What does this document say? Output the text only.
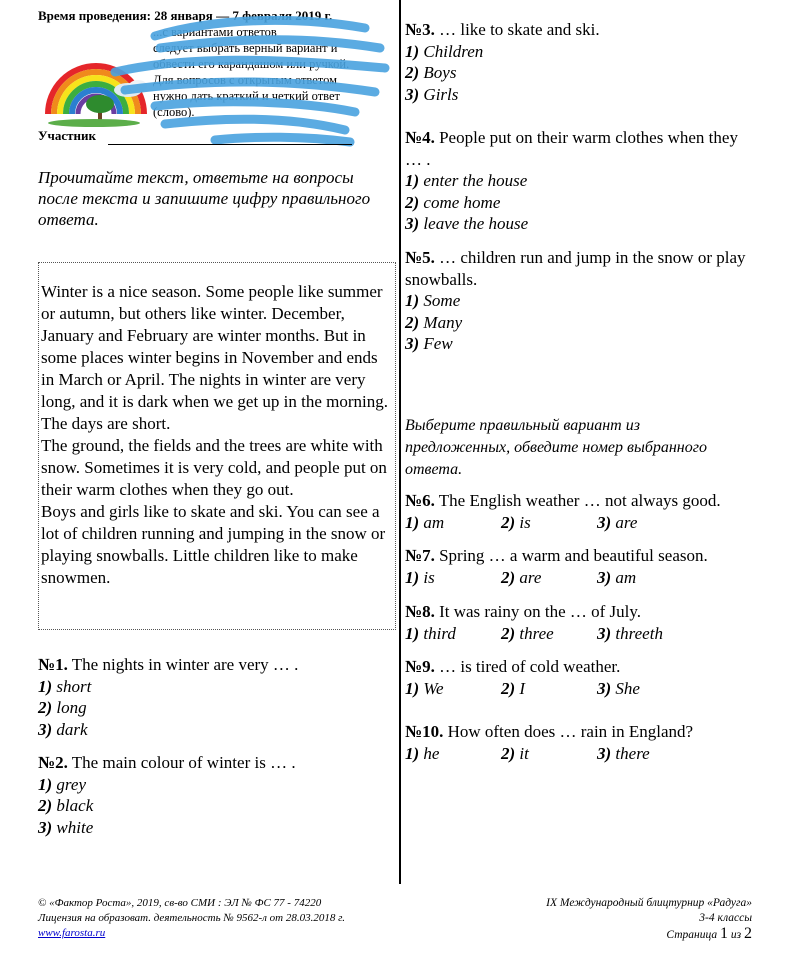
Время проведения: 28 января — 7 февраля 2019 г.
...с вариантами ответов
следует выбрать верный вариант и
обвести его карандашом или ручкой.
Для вопросов с открытым ответом
нужно дать краткий и четкий ответ
(слово).
Участник
Прочитайте текст, ответьте на вопросы после текста и запишите цифру правильного ответа.
Winter is a nice season. Some people like summer or autumn, but others like winter. December, January and February are winter months. But in some places winter begins in November and ends in March or April. The nights in winter are very long, and it is dark when we get up in the morning. The days are short.
The ground, the fields and the trees are white with snow. Sometimes it is very cold, and people put on their warm clothes when they go out.
Boys and girls like to skate and ski. You can see a lot of children running and jumping in the snow or playing snowballs. Little children like to make snowmen.
№1. The nights in winter are very … .
1) short
2) long
3) dark
№2. The main colour of winter is … .
1) grey
2) black
3) white
№3. … like to skate and ski.
1) Children
2) Boys
3) Girls
№4. People put on their warm clothes when they … .
1) enter the house
2) come home
3) leave the house
№5. … children run and jump in the snow or play snowballs.
1) Some
2) Many
3) Few
Выберите правильный вариант из предложенных, обведите номер выбранного ответа.
№6. The English weather … not always good.
1) am	2) is	3) are
№7. Spring … a warm and beautiful season.
1) is	2) are	3) am
№8. It was rainy on the … of July.
1) third	2) three	3) threeth
№9. … is tired of cold weather.
1) We	2) I	3) She
№10. How often does … rain in England?
1) he	2) it	3) there
© «Фактор Роста», 2019, св-во СМИ : ЭЛ № ФС 77 - 74220
Лицензия на образоват. деятельность № 9562-л от 28.03.2018 г.
www.farosta.ru
IX Международный блицтурнир «Радуга»
3-4 классы
Страница 1 из 2
